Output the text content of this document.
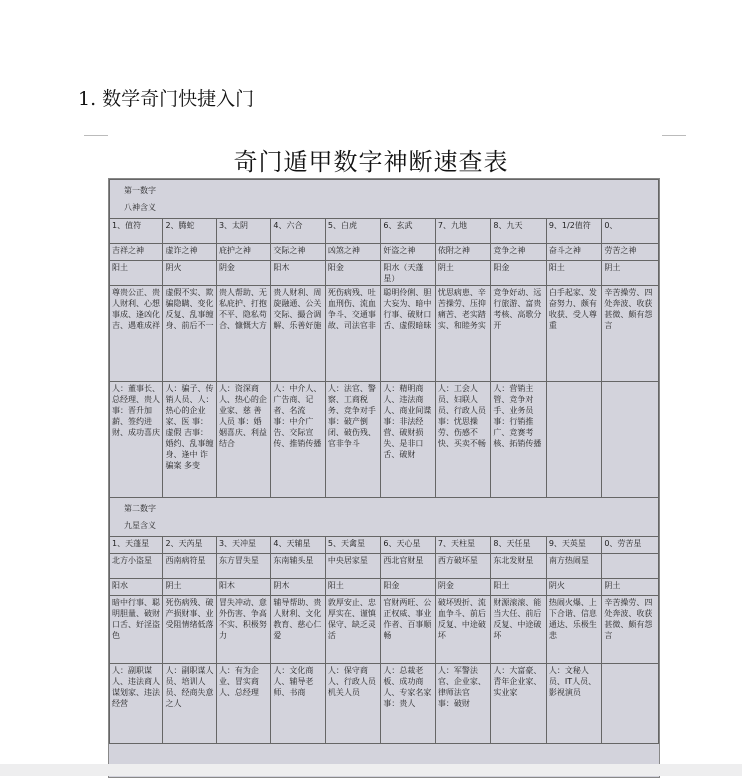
1. 数学奇门快捷入门
奇门遁甲数字神断速查表
第一数字
八神含义									

1、值符	2、腾蛇	3、太阴	4、六合	5、白虎	6、玄武	7、九地	8、九天	9、1/2值符	0、
吉祥之神	虚诈之神	庇护之神	交际之神	凶煞之神	奸盗之神	依附之神	竞争之神	奋斗之神	劳苦之神
阳土	阴火	阴金	阳木	阳金	阳水（天蓬星）	阴土	阳金	阳土	阴土
尊贵公正、贵人财利、心想事成、逢凶化吉、遇难成祥	虚假不实、欺骗隐瞒、变化反复、乱事缠身、前后不一	贵人帮助、无私庇护、打抱不平、隐私苟合、慷慨大方	贵人财利、周旋融通、公关交际、撮合调解、乐善好施	死伤病残、吐血刑伤、流血争斗、交通事故、司法官非	聪明伶俐、胆大妄为、暗中行事、破财口舌、虚假暗昧	忧思病患、辛苦操劳、压抑痛苦、老实踏实、和睦务实	竞争好动、远行旅游、富贵考核、高歌分开	白手起家、发奋努力、颇有收获、受人尊重	辛苦操劳、四处奔波、收获甚微、颇有怨言
人：董事长、总经理、贵人 事：晋升加薪、签约进财、成功喜庆	人：骗子、传销人员、人：热心的企业家、医 事：虚假 吉事：婚约、乱事缠身、逢中 诈骗案 多变	人：资深商人、热心的企业家、慈 善人员 事：婚姻喜庆、利益结合	人：中介人、广告商、记者、名流 事：中介广告、交际宣传、推销传播	人：法官、警察、工商税务、竞争对手 事：破产倒闭、破伤残、官非争斗	人：精明商人、违法商人、商业间谍 事：非法经营、破财损失、是非口舌、破财	人：工会人员、妇联人员、行政人员 事：忧思操劳、伤感不快、买卖不畅	人：营销主管、竞争对手、业务员 事：行销推广、竞赛考核、拓销传播		

第二数字
九星含义									

1、天蓬星	2、天芮星	3、天冲星	4、天辅星	5、天禽星	6、天心星	7、天柱星	8、天任星	9、天英星	0、劳苦星
北方小盗星	西南病符星	东方冒失星	东南辅头星	中央居家星	西北官财星	西方破坏星	东北发财星	南方热闹星	
阳水	阴土	阳木	阴木	阳土	阳金	阴金	阳土	阴火	阴土
暗中行事、聪明胆量、破财口舌、好淫盗色	死伤病残、破产损财事、业受阻情绪低落	冒失冲动、意外伤害、争高不实、积极努力	辅导帮助、贵人财利、文化教育、慈心仁爱	敦厚安止、忠厚实在、谨慎保守、缺乏灵活	官财两旺、公正权威、事业作者、百事顺畅	破坏毁折、流血争斗、前后反复、中途破坏	财源滚滚、能当大任、前后反复、中途破坏	热闹火爆、上下合谐、信息通达、乐极生悲	辛苦操劳、四处奔波、收获甚微、颇有怨言
人：副职谋人、违法商人谋划家、违法经营	人：副职谋人员、培训人员、经商失意之人	人：有为企业、冒实商人、总经理	人：文化商人、辅导老师、书商	人：保守商人、行政人员机关人员	人：总裁老板、成功商人、专家名家 事：贵人	人：军警法官、企业家、律师法官 事：破财	人：大富豪、青年企业家、实业家	人：文秘人员、IT人员、影视演员	
